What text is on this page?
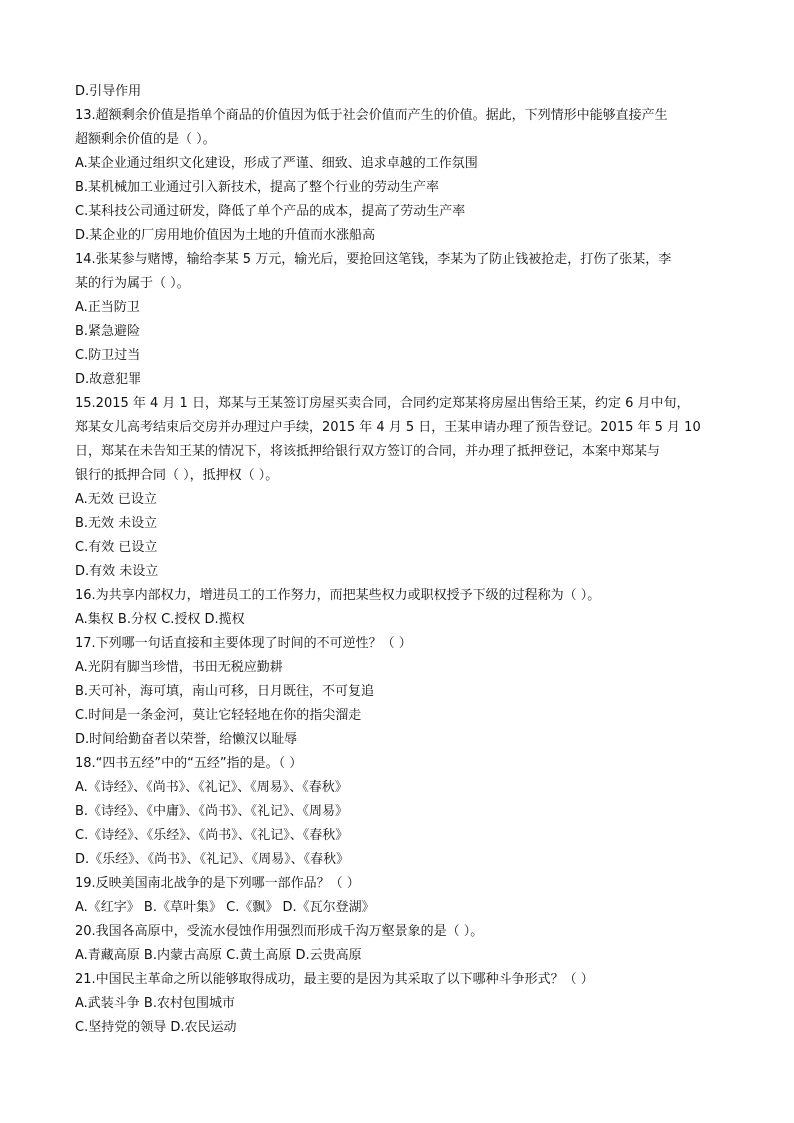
D.引导作用
13.超额剩余价值是指单个商品的价值因为低于社会价值而产生的价值。据此，下列情形中能够直接产生
超额剩余价值的是（ ）。
A.某企业通过组织文化建设，形成了严谨、细致、追求卓越的工作氛围
B.某机械加工业通过引入新技术，提高了整个行业的劳动生产率
C.某科技公司通过研发，降低了单个产品的成本，提高了劳动生产率
D.某企业的厂房用地价值因为土地的升值而水涨船高
14.张某参与赌博，输给李某 5 万元，输光后，要抢回这笔钱，李某为了防止钱被抢走，打伤了张某，李
某的行为属于（ ）。
A.正当防卫
B.紧急避险
C.防卫过当
D.故意犯罪
15.2015 年 4 月 1 日，郑某与王某签订房屋买卖合同，合同约定郑某将房屋出售给王某，约定 6 月中旬，
郑某女儿高考结束后交房并办理过户手续，2015 年 4 月 5 日，王某申请办理了预告登记。2015 年 5 月 10
日，郑某在未告知王某的情况下，将该抵押给银行双方签订的合同，并办理了抵押登记，本案中郑某与
银行的抵押合同（ ），抵押权（ ）。
A.无效 已设立
B.无效 未设立
C.有效 已设立
D.有效 未设立
16.为共享内部权力，增进员工的工作努力，而把某些权力或职权授予下级的过程称为（ ）。
A.集权 B.分权 C.授权 D.揽权
17.下列哪一句话直接和主要体现了时间的不可逆性？（ ）
A.光阴有脚当珍惜，书田无税应勤耕
B.天可补，海可填，南山可移，日月既往，不可复追
C.时间是一条金河，莫让它轻轻地在你的指尖溜走
D.时间给勤奋者以荣誉，给懒汉以耻辱
18.“四书五经”中的“五经”指的是。（ ）
A.《诗经》、《尚书》、《礼记》、《周易》、《春秋》
B.《诗经》、《中庸》、《尚书》、《礼记》、《周易》
C.《诗经》、《乐经》、《尚书》、《礼记》、《春秋》
D.《乐经》、《尚书》、《礼记》、《周易》、《春秋》
19.反映美国南北战争的是下列哪一部作品？（ ）
A.《红字》 B.《草叶集》 C.《飘》 D.《瓦尔登湖》
20.我国各高原中，受流水侵蚀作用强烈而形成千沟万壑景象的是（ ）。
A.青藏高原 B.内蒙古高原 C.黄土高原 D.云贵高原
21.中国民主革命之所以能够取得成功，最主要的是因为其采取了以下哪种斗争形式？（ ）
A.武装斗争 B.农村包围城市
C.坚持党的领导 D.农民运动
